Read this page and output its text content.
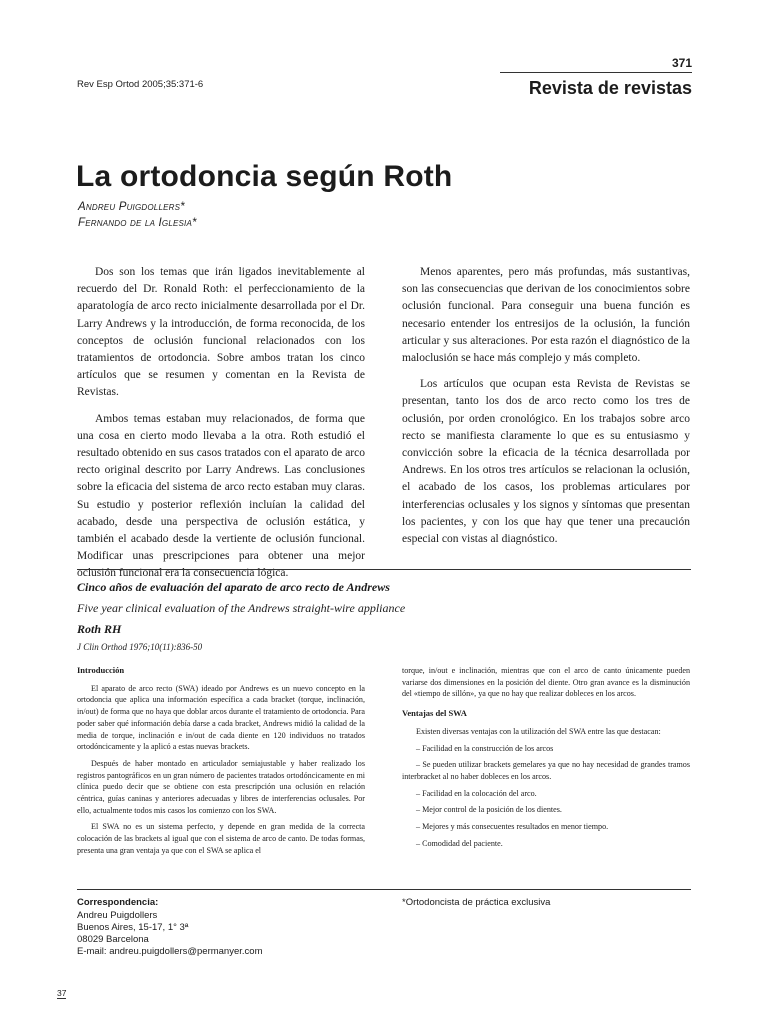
371
Rev Esp Ortod 2005;35:371-6	Revista de revistas
La ortodoncia según Roth
Andreu Puigdollers*
Fernando de la Iglesia*

Dos son los temas que irán ligados inevitablemente al recuerdo del Dr. Ronald Roth: el perfeccionamiento de la aparatología de arco recto inicialmente desarrollada por el Dr. Larry Andrews y la introducción, de forma reconocida, de los conceptos de oclusión funcional relacionados con los tratamientos de ortodoncia. Sobre ambos tratan los cinco artículos que se resumen y comentan en la Revista de Revistas.

Ambos temas estaban muy relacionados, de forma que una cosa en cierto modo llevaba a la otra. Roth estudió el resultado obtenido en sus casos tratados con el aparato de arco recto original descrito por Larry Andrews. Las conclusiones sobre la eficacia del sistema de arco recto estaban muy claras. Su estudio y posterior reflexión incluían la calidad del acabado, desde una perspectiva de oclusión estática, y también el acabado desde la vertiente de oclusión funcional. Modificar unas prescripciones para obtener una mejor oclusión funcional era la consecuencia lógica.

Menos aparentes, pero más profundas, más sustantivas, son las consecuencias que derivan de los conocimientos sobre oclusión funcional. Para conseguir una buena función es necesario entender los entresijos de la oclusión, la función articular y sus alteraciones. Por esta razón el diagnóstico de la maloclusión se hace más complejo y más completo.

Los artículos que ocupan esta Revista de Revistas se presentan, tanto los dos de arco recto como los tres de oclusión, por orden cronológico. En los trabajos sobre arco recto se manifiesta claramente lo que es su entusiasmo y convicción sobre la eficacia de la técnica desarrollada por Andrews. En los otros tres artículos se relacionan la oclusión, el acabado de los casos, los problemas articulares por interferencias oclusales y los signos y síntomas que presentan los pacientes, y con los que hay que tener una precaución especial con vistas al diagnóstico.

Cinco años de evaluación del aparato de arco recto de Andrews
Five year clinical evaluation of the Andrews straight-wire appliance
Roth RH
J Clin Orthod 1976;10(11):836-50
Introducción

El aparato de arco recto (SWA) ideado por Andrews es un nuevo concepto en la ortodoncia que aplica una información específica a cada bracket (torque, inclinación, in/out) de forma que no haya que doblar arcos durante el tratamiento de ortodoncia. Para poder saber qué información debía darse a cada bracket, Andrews midió la calidad de la media de torque, inclinación e in/out de cada diente en 120 individuos no tratados ortodóncicamente y la aplicó a estas nuevas brackets.

Después de haber montado en articulador semiajustable y haber realizado los registros pantográficos en un gran número de pacientes tratados ortodóncicamente en mi clínica puedo decir que se obtiene con esta prescripción una oclusión en relación céntrica, guías caninas y anteriores adecuadas y libres de interferencias oclusales. Por ello, actualmente todos mis casos los comienzo con los SWA.

El SWA no es un sistema perfecto, y depende en gran medida de la correcta colocación de las brackets al igual que con el sistema de arco de canto. De todas formas, presenta una gran ventaja ya que con el SWA se aplica el

torque, in/out e inclinación, mientras que con el arco de canto únicamente pueden variarse dos dimensiones en la posición del diente. Otro gran avance es la disminución del «tiempo de sillón», ya que no hay que realizar dobleces en los arcos.

Ventajas del SWA

Existen diversas ventajas con la utilización del SWA entre las que destacan:

– Facilidad en la construcción de los arcos

– Se pueden utilizar brackets gemelares ya que no hay necesidad de grandes tramos interbracket al no haber dobleces en los arcos.

– Facilidad en la colocación del arco.

– Mejor control de la posición de los dientes.

– Mejores y más consecuentes resultados en menor tiempo.

– Comodidad del paciente.

Correspondencia:
Andreu Puigdollers
Buenos Aires, 15-17, 1° 3ª
08029 Barcelona
E-mail: andreu.puigdollers@permanyer.com
*Ortodoncista de práctica exclusiva
37
